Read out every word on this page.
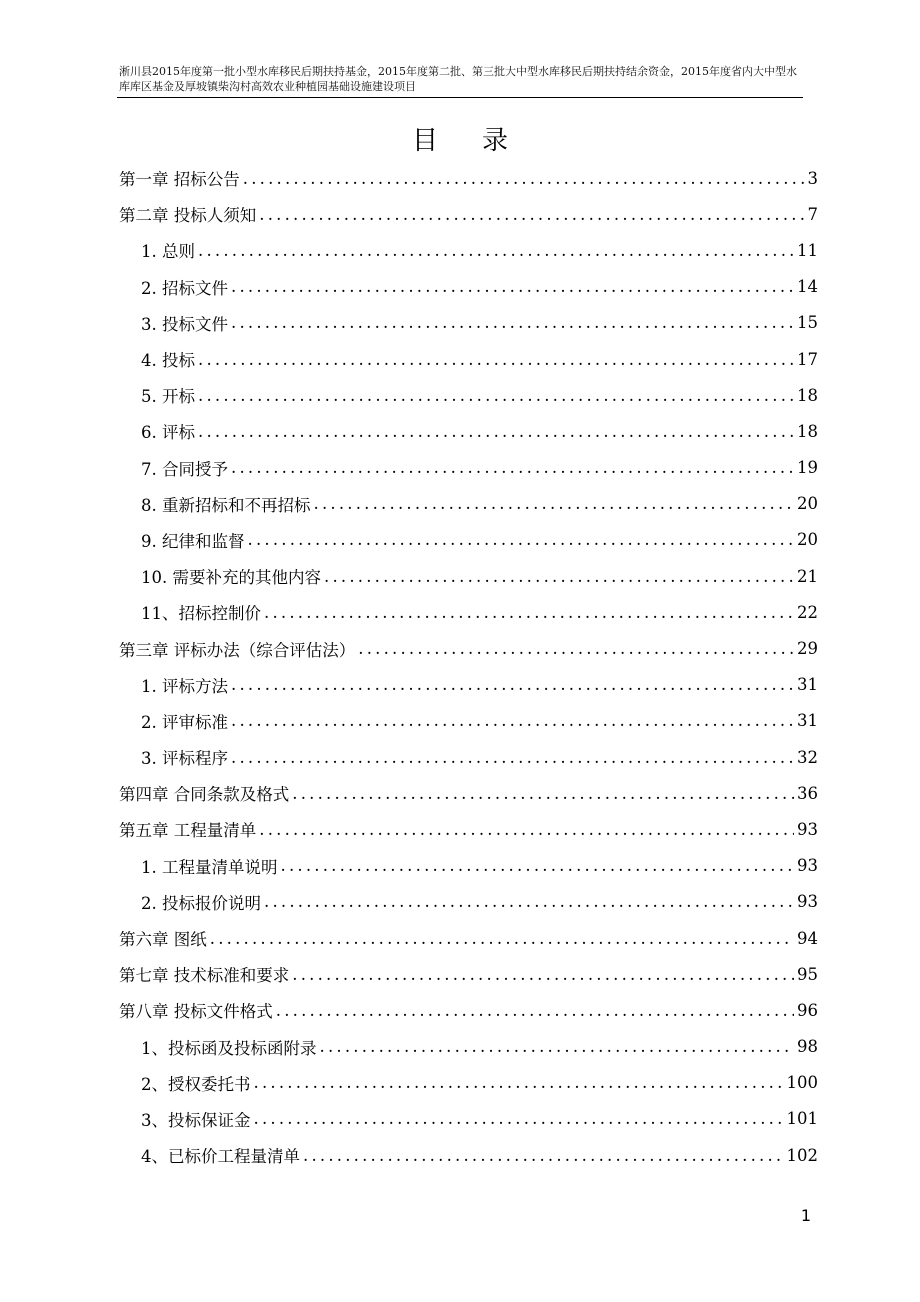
淅川县2015年度第一批小型水库移民后期扶持基金，2015年度第二批、第三批大中型水库移民后期扶持结余资金，2015年度省内大中型水库库区基金及厚坡镇柴沟村高效农业种植园基础设施建设项目
目录
第一章 招标公告 .....	3
第二章 投标人须知 .....	7
1. 总则 .....	11
2. 招标文件 .....	14
3. 投标文件 .....	15
4. 投标 .....	17
5. 开标 .....	18
6. 评标 .....	18
7. 合同授予 .....	19
8. 重新招标和不再招标 .....	20
9. 纪律和监督 .....	20
10. 需要补充的其他内容 .....	21
11、招标控制价 .....	22
第三章 评标办法（综合评估法） .....	29
1. 评标方法 .....	31
2. 评审标准 .....	31
3. 评标程序 .....	32
第四章 合同条款及格式 .....	36
第五章 工程量清单 .....	93
1. 工程量清单说明 .....	93
2. 投标报价说明 .....	93
第六章 图纸 .....	94
第七章 技术标准和要求 .....	95
第八章 投标文件格式 .....	96
1、投标函及投标函附录 .....	98
2、授权委托书 .....	100
3、投标保证金 .....	101
4、已标价工程量清单 .....	102
1
